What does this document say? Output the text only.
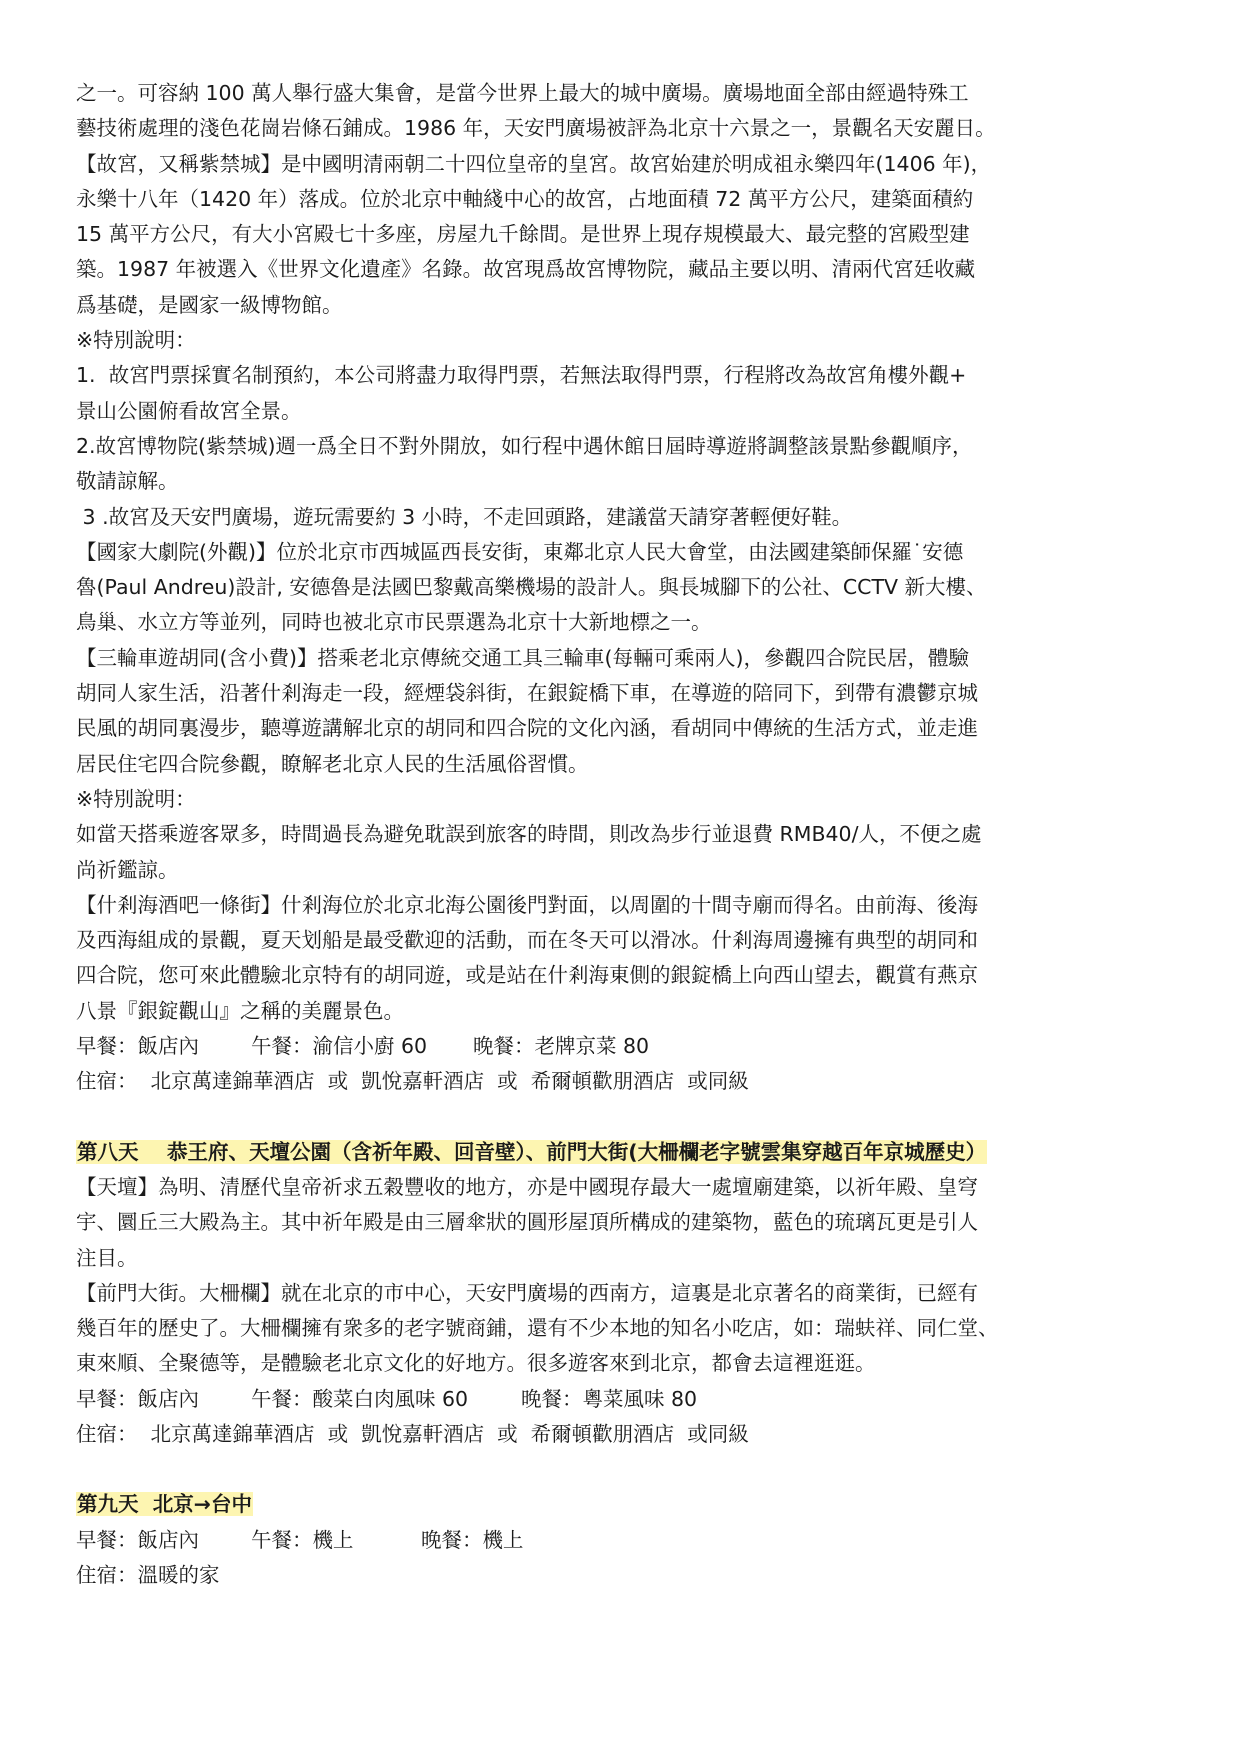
之一。可容納 100 萬人舉行盛大集會，是當今世界上最大的城中廣場。廣場地面全部由經過特殊工
藝技術處理的淺色花崗岩條石鋪成。1986 年，天安門廣場被評為北京十六景之一，景觀名天安麗日。

【故宮，又稱紫禁城】是中國明清兩朝二十四位皇帝的皇宮。故宮始建於明成祖永樂四年(1406 年)，
永樂十八年（1420 年）落成。位於北京中軸綫中心的故宮，占地面積 72 萬平方公尺，建築面積約
15 萬平方公尺，有大小宮殿七十多座，房屋九千餘間。是世界上現存規模最大、最完整的宮殿型建
築。1987 年被選入《世界文化遺產》名錄。故宮現爲故宮博物院，藏品主要以明、清兩代宮廷收藏
爲基礎，是國家一級博物館。

※特別說明：

1.  故宮門票採實名制預約，本公司將盡力取得門票，若無法取得門票，行程將改為故宮角樓外觀+
景山公園俯看故宮全景。

2.故宮博物院(紫禁城)週一爲全日不對外開放，如行程中遇休館日屆時導遊將調整該景點參觀順序，
敬請諒解。

3 .故宮及天安門廣場，遊玩需要約 3 小時，不走回頭路，建議當天請穿著輕便好鞋。

【國家大劇院(外觀)】位於北京市西城區西長安街，東鄰北京人民大會堂，由法國建築師保羅˙安德
魯(Paul Andreu)設計, 安德魯是法國巴黎戴高樂機場的設計人。與長城腳下的公社、CCTV 新大樓、
鳥巢、水立方等並列，同時也被北京市民票選為北京十大新地標之一。

【三輪車遊胡同(含小費)】搭乘老北京傳統交通工具三輪車(每輛可乘兩人)，參觀四合院民居，體驗
胡同人家生活，沿著什剎海走一段，經煙袋斜街，在銀錠橋下車，在導遊的陪同下，到帶有濃鬱京城
民風的胡同裏漫步，聽導遊講解北京的胡同和四合院的文化內涵，看胡同中傳統的生活方式，並走進
居民住宅四合院參觀，瞭解老北京人民的生活風俗習慣。

※特別說明：

如當天搭乘遊客眾多，時間過長為避免耽誤到旅客的時間，則改為步行並退費 RMB40/人，不便之處
尚祈鑑諒。

【什剎海酒吧一條街】什剎海位於北京北海公園後門對面，以周圍的十間寺廟而得名。由前海、後海
及西海組成的景觀，夏天划船是最受歡迎的活動，而在冬天可以滑冰。什剎海周邊擁有典型的胡同和
四合院，您可來此體驗北京特有的胡同遊，或是站在什剎海東側的銀錠橋上向西山望去，觀賞有燕京
八景『銀錠觀山』之稱的美麗景色。

早餐：飯店內	午餐：渝信小廚 60 晚餐：老牌京菜 80

住宿：  北京萬達錦華酒店  或  凱悅嘉軒酒店  或  希爾頓歡朋酒店  或同級

第八天    恭王府、天壇公園（含祈年殿、回音壁）、前門大街(大柵欄老字號雲集穿越百年京城歷史）

【天壇】為明、清歷代皇帝祈求五穀豐收的地方，亦是中國現存最大一處壇廟建築，以祈年殿、皇穹
宇、圜丘三大殿為主。其中祈年殿是由三層傘狀的圓形屋頂所構成的建築物，藍色的琉璃瓦更是引人
注目。

【前門大街。大柵欄】就在北京的市中心，天安門廣場的西南方，這裏是北京著名的商業街，已經有
幾百年的歷史了。大柵欄擁有衆多的老字號商鋪，還有不少本地的知名小吃店，如：瑞蚨祥、同仁堂、
東來順、全聚德等，是體驗老北京文化的好地方。很多遊客來到北京，都會去這裡逛逛。

早餐：飯店內	午餐：酸菜白肉風味 60	晚餐：粵菜風味 80

住宿：  北京萬達錦華酒店  或  凱悅嘉軒酒店  或  希爾頓歡朋酒店  或同級

第九天  北京→台中

早餐：飯店內	午餐：機上	晚餐：機上

住宿：溫暖的家
